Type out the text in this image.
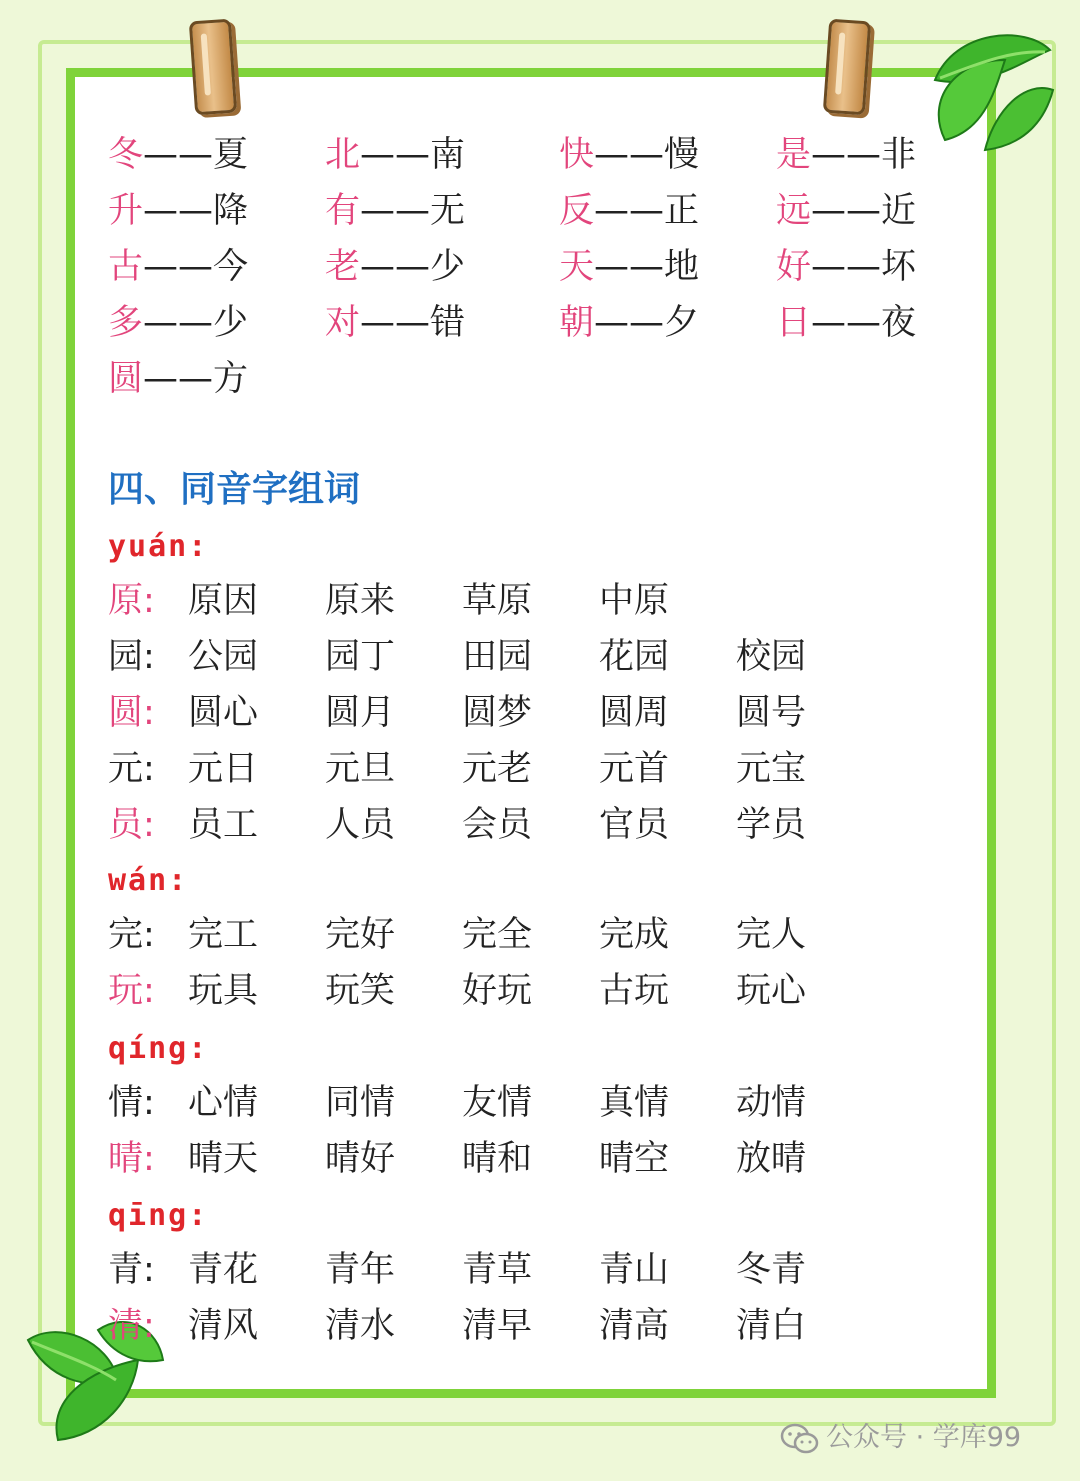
冬——夏 北——南	快——慢 是——非
升——降 有——无	反——正 远——近
古——今 老——少	天——地 好——坏
多——少 对——错	朝——夕 日——夜
圆——方
四、同音字组词
yuán:
原: 原因 原来 草原 中原
园: 公园 园丁 田园 花园 校园
圆: 圆心 圆月 圆梦 圆周 圆号
元: 元日 元旦 元老 元首 元宝
员: 员工 人员 会员 官员 学员
wán:
完: 完工 完好 完全 完成 完人
玩: 玩具 玩笑 好玩 古玩 玩心
qíng:
情: 心情 同情 友情 真情 动情
晴: 晴天 晴好 晴和 晴空 放晴
qīng:
青: 青花 青年 青草 青山 冬青
清: 清风 清水 清早 清高 清白
公众号 · 学库99
